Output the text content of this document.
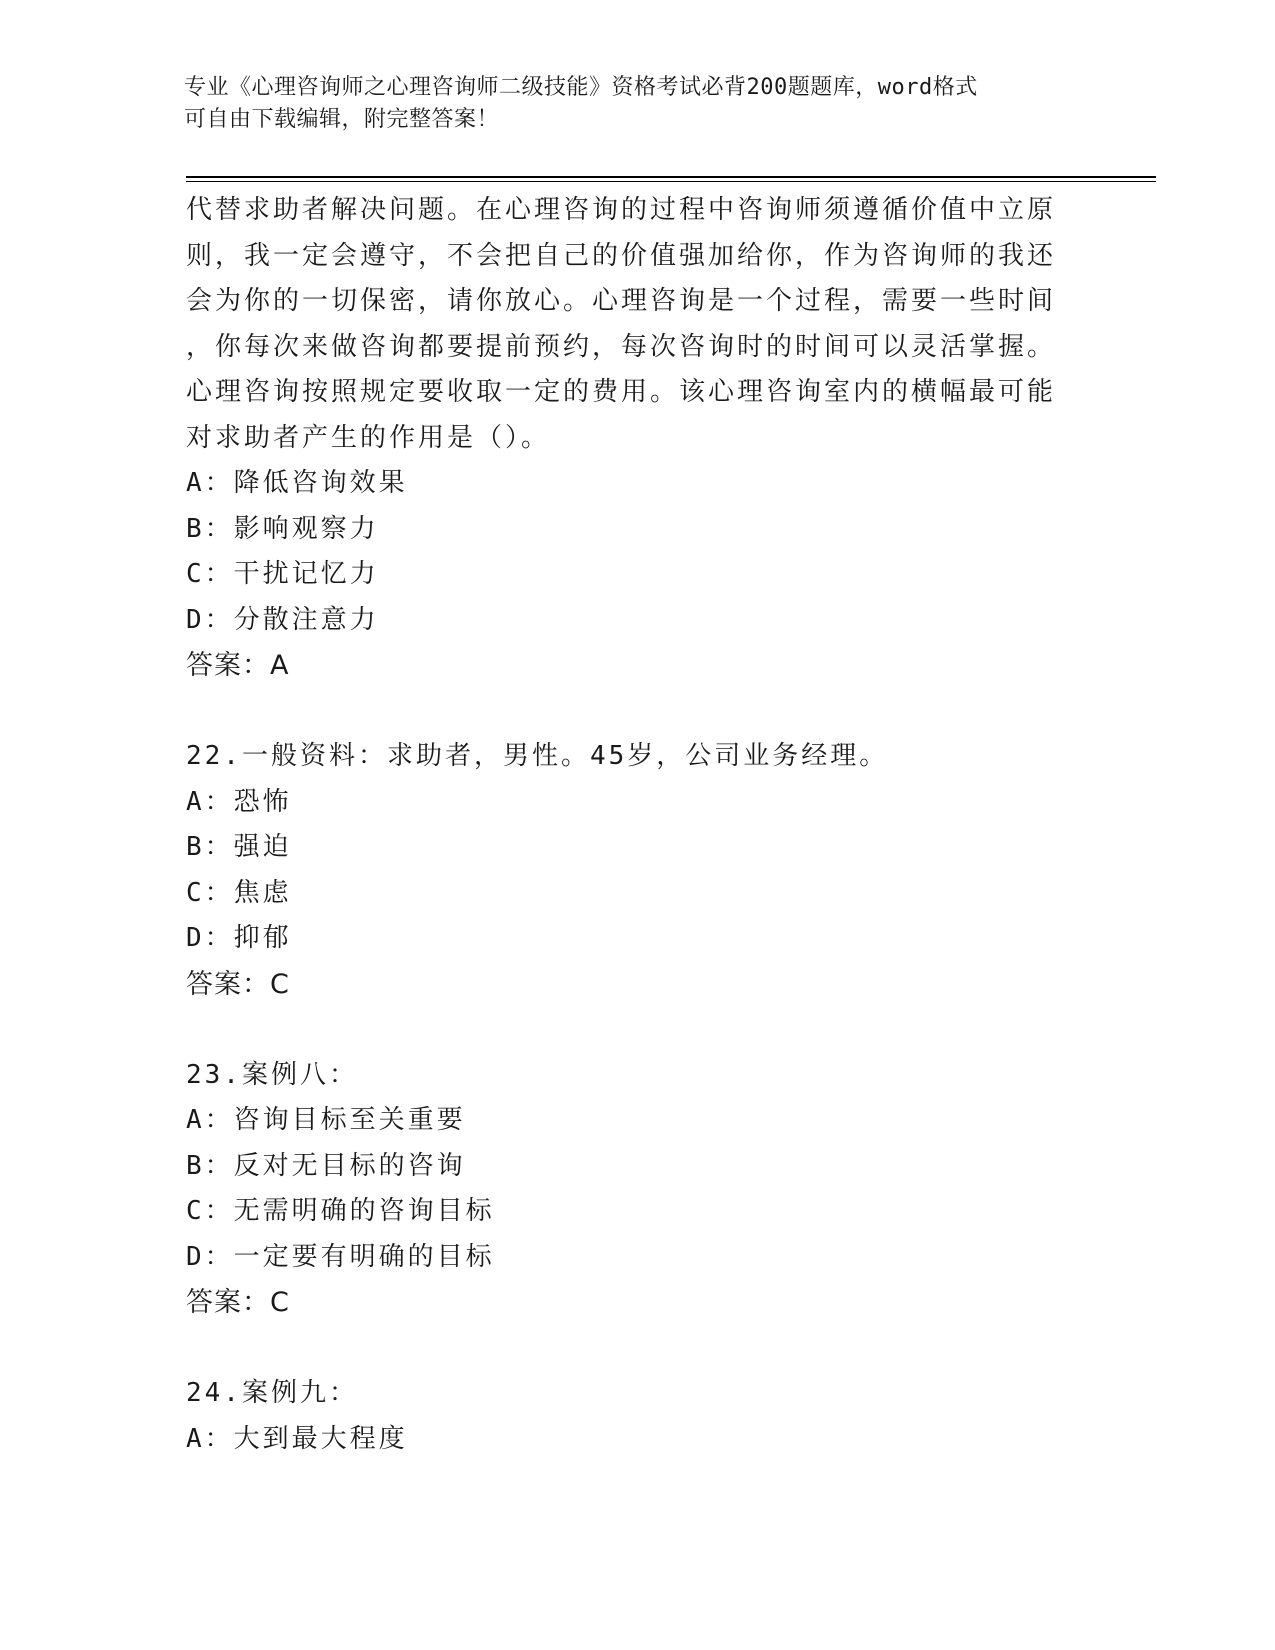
专业《心理咨询师之心理咨询师二级技能》资格考试必背200题题库，word格式
可自由下载编辑，附完整答案！
代替求助者解决问题。在心理咨询的过程中咨询师须遵循价值中立原
则，我一定会遵守，不会把自己的价值强加给你，作为咨询师的我还
会为你的一切保密，请你放心。心理咨询是一个过程，需要一些时间
，你每次来做咨询都要提前预约，每次咨询时的时间可以灵活掌握。
心理咨询按照规定要收取一定的费用。该心理咨询室内的横幅最可能
对求助者产生的作用是（）。
A：降低咨询效果
B：影响观察力
C：干扰记忆力
D：分散注意力
答案：A
22.一般资料：求助者，男性。45岁，公司业务经理。
A：恐怖
B：强迫
C：焦虑
D：抑郁
答案：C
23.案例八：
A：咨询目标至关重要
B：反对无目标的咨询
C：无需明确的咨询目标
D：一定要有明确的目标
答案：C
24.案例九：
A：大到最大程度
